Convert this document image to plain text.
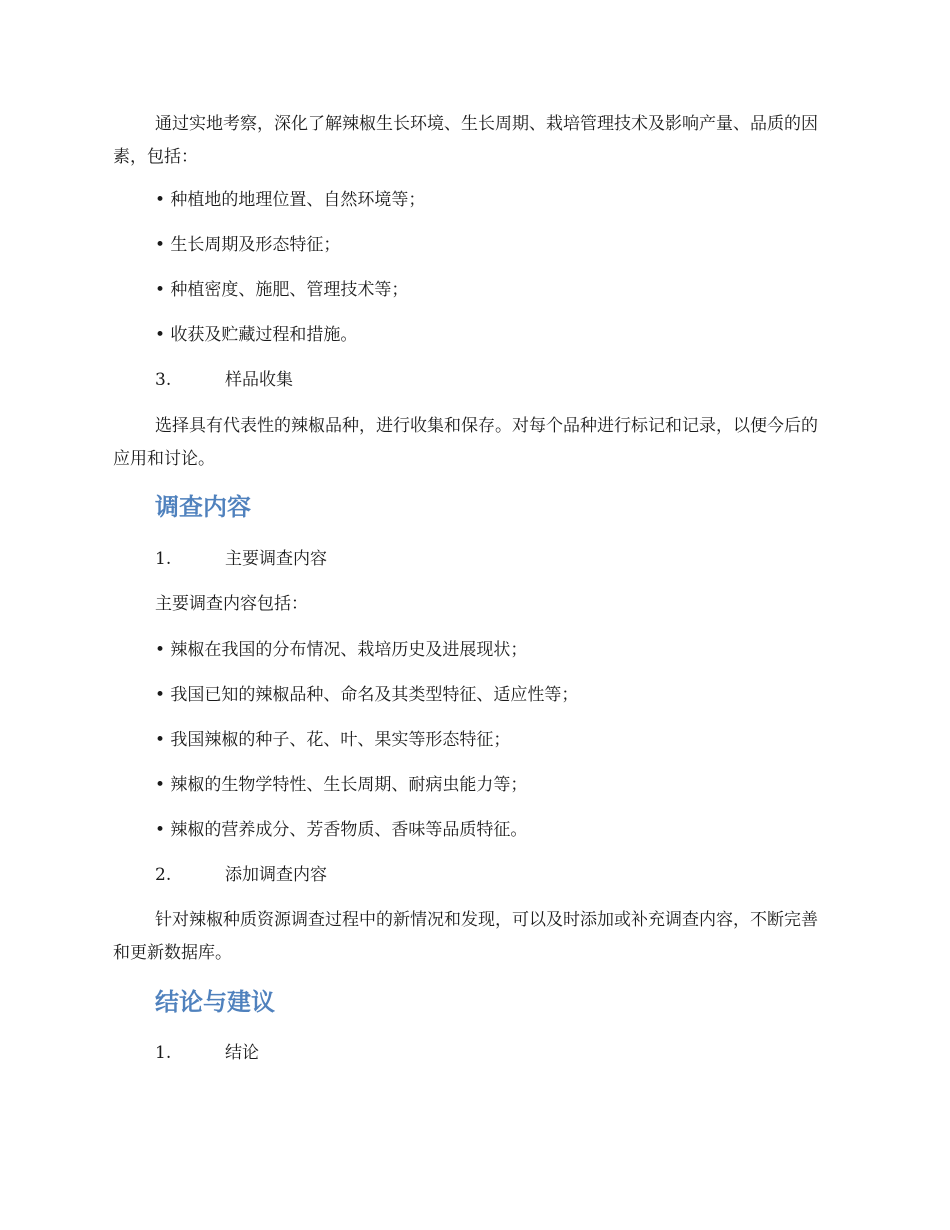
通过实地考察，深化了解辣椒生长环境、生长周期、栽培管理技术及影响产量、品质的因素，包括：

• 种植地的地理位置、自然环境等；

• 生长周期及形态特征；

• 种植密度、施肥、管理技术等；

• 收获及贮藏过程和措施。

3.	样品收集

选择具有代表性的辣椒品种，进行收集和保存。对每个品种进行标记和记录，以便今后的应用和讨论。

调查内容

1.	主要调查内容

主要调查内容包括：

• 辣椒在我国的分布情况、栽培历史及进展现状；

• 我国已知的辣椒品种、命名及其类型特征、适应性等；

• 我国辣椒的种子、花、叶、果实等形态特征；

• 辣椒的生物学特性、生长周期、耐病虫能力等；

• 辣椒的营养成分、芳香物质、香味等品质特征。

2.	添加调查内容

针对辣椒种质资源调查过程中的新情况和发现，可以及时添加或补充调查内容，不断完善和更新数据库。

结论与建议

1.	结论
